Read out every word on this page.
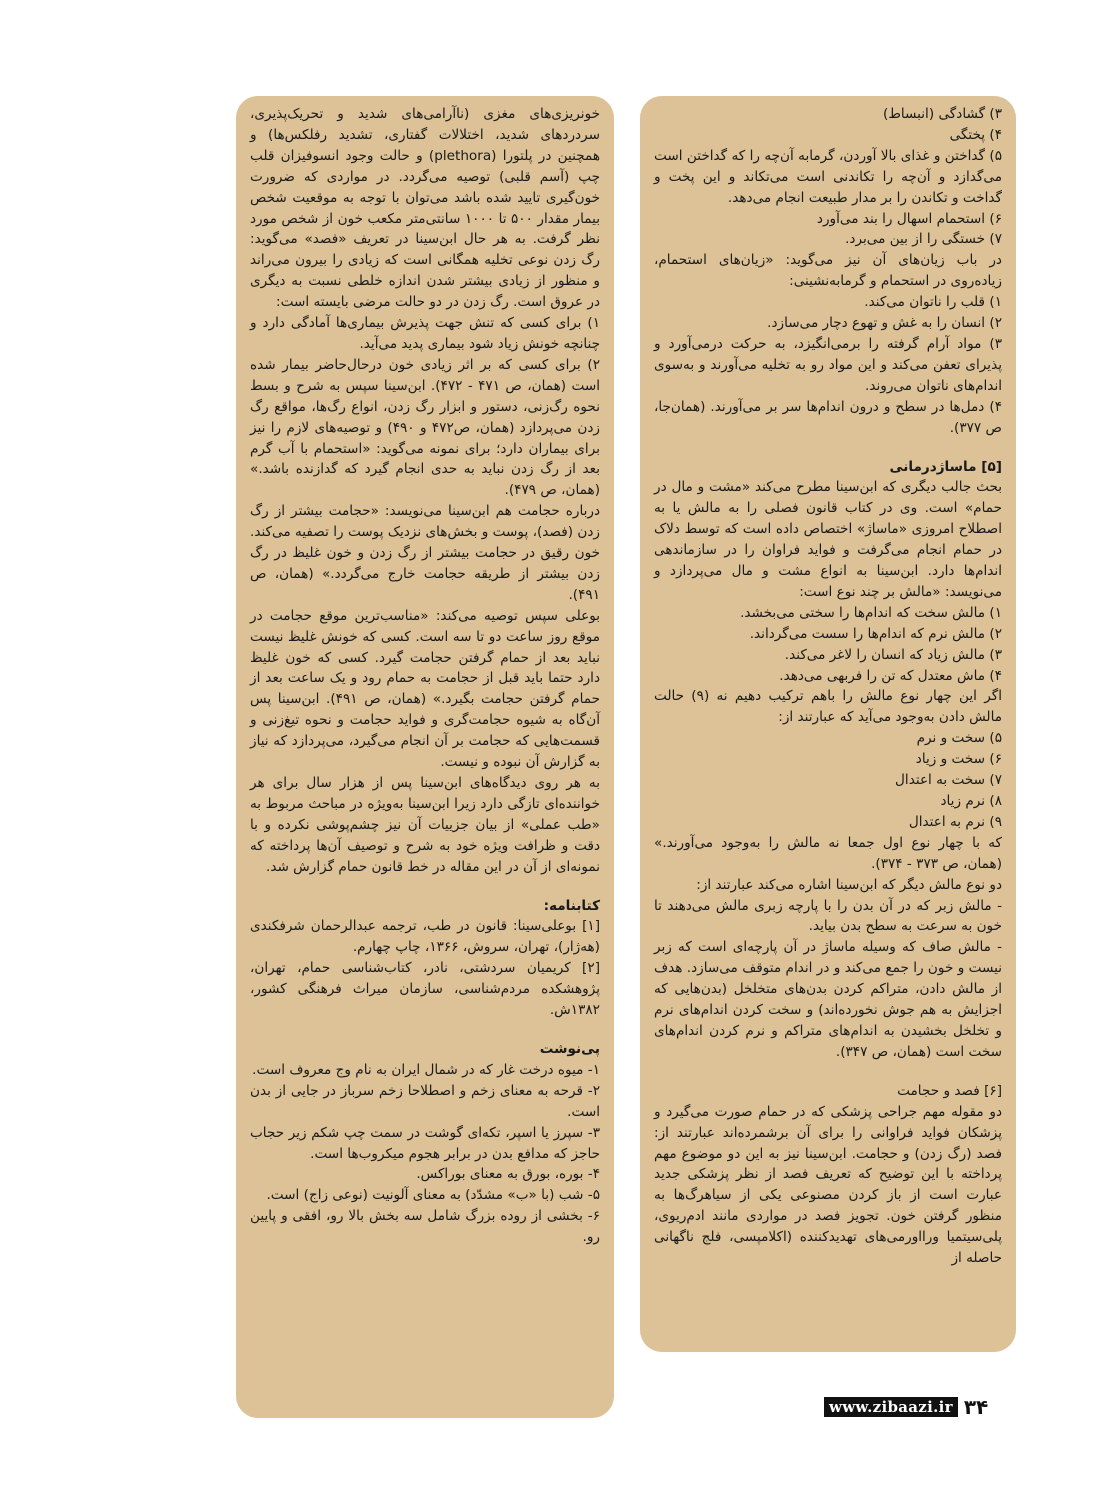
۳) گشادگی (انبساط)

۴) پختگی

۵) گداختن و غذای بالا آوردن، گرمابه آن‌چه را که گداختن است می‌گدازد و آن‌چه را تکاندنی است می‌تکاند و این پخت و گداخت و تکاندن را بر مدار طبیعت انجام می‌دهد.

۶) استحمام اسهال را بند می‌آورد

۷) خستگی را از بین می‌برد.

در باب زیان‌های آن نیز می‌گوید: «زیان‌های استحمام، زیاده‌روی در استحمام و گرمابه‌نشینی:

۱) قلب را ناتوان می‌کند.

۲) انسان را به غش و تهوع دچار می‌سازد.

۳) مواد آرام گرفته را برمی‌انگیزد، به حرکت درمی‌آورد و پذیرای تعفن می‌کند و این مواد رو به تخلیه می‌آورند و به‌سوی اندام‌های ناتوان می‌روند.

۴) دمل‌ها در سطح و درون اندام‌ها سر بر می‌آورند. (همان‌جا، ص ۳۷۷).

[۵] ماساژدرمانی

بحث جالب دیگری که ابن‌سینا مطرح می‌کند «مشت و مال در حمام» است. وی در کتاب قانون فصلی را به مالش یا به اصطلاح امروزی «ماساژ» اختصاص داده است که توسط دلاک در حمام انجام می‌گرفت و فواید فراوان را در سازماندهی اندام‌ها دارد. ابن‌سینا به انواع مشت و مال می‌پردازد و می‌نویسد: «مالش بر چند نوع است:

۱) مالش سخت که اندام‌ها را سختی می‌بخشد.

۲) مالش نرم که اندام‌ها را سست می‌گرداند.

۳) مالش زیاد که انسان را لاغر می‌کند.

۴) ماش معتدل که تن را فربهی می‌دهد.

اگر این چهار نوع مالش را باهم ترکیب دهیم نه (۹) حالت مالش دادن به‌وجود می‌آید که عبارتند از:

۵) سخت و نرم

۶) سخت و زیاد

۷) سخت به اعتدال

۸) نرم زیاد

۹) نرم به اعتدال

که با چهار نوع اول جمعا نه مالش را به‌وجود می‌آورند.» (همان، ص ۳۷۳ - ۳۷۴).

دو نوع مالش دیگر که ابن‌سینا اشاره می‌کند عبارتند از:

- مالش زبر که در آن بدن را با پارچه زبری مالش می‌دهند تا خون به سرعت به سطح بدن بیاید.

- مالش صاف که وسیله ماساژ در آن پارچه‌ای است که زبر نیست و خون را جمع می‌کند و در اندام متوقف می‌سازد. هدف از مالش دادن، متراکم کردن بدن‌های متخلخل (بدن‌هایی که اجزایش به هم جوش نخورده‌اند) و سخت کردن اندام‌های نرم و تخلخل بخشیدن به اندام‌های متراکم و نرم کردن اندام‌های سخت است (همان، ص ۳۴۷).

[۶] فصد و حجامت

دو مقوله مهم جراحی پزشکی که در حمام صورت می‌گیرد و پزشکان فواید فراوانی را برای آن برشمرده‌اند عبارتند از: فصد (رگ زدن) و حجامت. ابن‌سینا نیز به این دو موضوع مهم پرداخته با این توضیح که تعریف فصد از نظر پزشکی جدید عبارت است از باز کردن مصنوعی یکی از سیاهرگ‌ها به منظور گرفتن خون. تجویز فصد در مواردی مانند ادم‌ریوی، پلی‌سیتمیا ورا‌اورمی‌های تهدیدکننده (اکلامپسی، فلج ناگهانی حاصله از

خونریزی‌های مغزی (ناآرامی‌های شدید و تحریک‌پذیری، سردردهای شدید، اختلالات گفتاری، تشدید رفلکس‌ها) و همچنین در پلتورا (plethora) و حالت وجود انسوفیزان قلب چپ (آسم قلبی) توصیه می‌گردد. در مواردی که ضرورت خون‌گیری تایید شده باشد می‌توان با توجه به موقعیت شخص بیمار مقدار ۵۰۰ تا ۱۰۰۰ سانتی‌متر مکعب خون از شخص مورد نظر گرفت. به هر حال ابن‌سینا در تعریف «فصد» می‌گوید: رگ زدن نوعی تخلیه همگانی است که زیادی را بیرون می‌راند و منظور از زیادی بیشتر شدن اندازه خلطی نسبت به دیگری در عروق است. رگ زدن در دو حالت مرضی بایسته است:

۱) برای کسی که تنش جهت پذیرش بیماری‌ها آمادگی دارد و چنانچه خونش زیاد شود بیماری پدید می‌آید.

۲) برای کسی که بر اثر زیادی خون درحال‌حاضر بیمار شده است (همان، ص ۴۷۱ - ۴۷۲). ابن‌سینا سپس به شرح و بسط نحوه رگ‌زنی، دستور و ابزار رگ زدن، انواع رگ‌ها، مواقع رگ زدن می‌پردازد (همان، ص۴۷۲ و ۴۹۰) و توصیه‌های لازم را نیز برای بیماران دارد؛ برای نمونه می‌گوید: «استحمام با آب گرم بعد از رگ زدن نباید به حدی انجام گیرد که گدازنده باشد.» (همان، ص ۴۷۹).

درباره حجامت هم ابن‌سینا می‌نویسد: «حجامت بیشتر از رگ زدن (فصد)، پوست و بخش‌های نزدیک پوست را تصفیه می‌کند. خون رقیق در حجامت بیشتر از رگ زدن و خون غلیظ در رگ زدن بیشتر از طریقه حجامت خارج می‌گردد.» (همان، ص ۴۹۱).

بوعلی سپس توصیه می‌کند: «مناسب‌ترین موقع حجامت در موقع روز ساعت دو تا سه است. کسی که خونش غلیظ نیست نباید بعد از حمام گرفتن حجامت گیرد. کسی که خون غلیظ دارد حتما باید قبل از حجامت به حمام رود و یک ساعت بعد از حمام گرفتن حجامت بگیرد.» (همان، ص ۴۹۱). ابن‌سینا پس آن‌گاه به شیوه حجامت‌گری و فواید حجامت و نحوه تیغ‌زنی و قسمت‌هایی که حجامت بر آن انجام می‌گیرد، می‌پردازد که نیاز به گزارش آن نبوده و نیست.

به هر روی دیدگاه‌های ابن‌سینا پس از هزار سال برای هر خواننده‌ای تازگی دارد زیرا ابن‌سینا به‌ویژه در مباحث مربوط به «طب عملی» از بیان جزییات آن نیز چشم‌پوشی نکرده و با دقت و ظرافت ویژه خود به شرح و توصیف آن‌ها پرداخته که نمونه‌ای از آن در این مقاله در خط قانون حمام گزارش شد.

کتابنامه:

[۱] بوعلی‌سینا: قانون در طب، ترجمه عبدالرحمان شرفکندی (هه‌ژار)، تهران، سروش، ۱۳۶۶، چاپ چهارم.

[۲] کریمیان سردشتی، نادر، کتاب‌شناسی حمام، تهران، پژوهشکده مردم‌شناسی، سازمان میراث فرهنگی کشور، ۱۳۸۲ش.

پی‌نوشت

۱- میوه درخت غار که در شمال ایران به نام وج معروف است.

۲- قرحه به معنای زخم و اصطلاحا زخم سرباز در جایی از بدن است.

۳- سپرز یا اسپر، تکه‌ای گوشت در سمت چپ شکم زیر حجاب حاجز که مدافع بدن در برابر هجوم میکروب‌ها است.

۴- بوره، بورق به معنای بوراکس.

۵- شب (با «ب» مشدّد) به معنای آلونیت (نوعی زاج) است.

۶- بخشی از روده بزرگ شامل سه بخش بالا رو، افقی و پایین رو.

www.zibaazi.ir ۳۴
